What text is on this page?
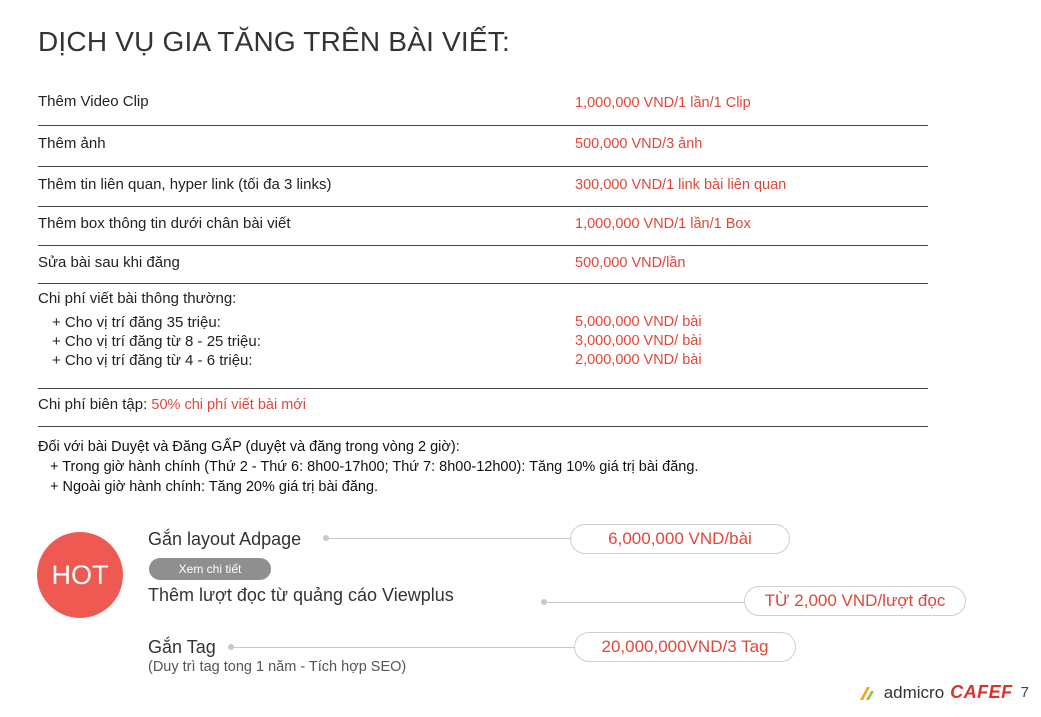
DỊCH VỤ GIA TĂNG TRÊN BÀI VIẾT:
Thêm Video Clip	1,000,000 VND/1 lần/1 Clip
Thêm ảnh	500,000 VND/3 ảnh
Thêm tin liên quan, hyper link (tối đa 3 links)	300,000 VND/1 link bài liên quan
Thêm box thông tin dưới chân bài viết	1,000,000 VND/1 lần/1 Box
Sửa bài sau khi đăng	500,000 VND/lần
Chi phí viết bài thông thường:
+ Cho vị trí đăng 35 triệu:	5,000,000 VND/ bài
+ Cho vị trí đăng từ 8 - 25 triệu:	3,000,000 VND/ bài
+ Cho vị trí đăng từ 4 - 6 triệu:	2,000,000 VND/ bài
Chi phí biên tập: 50% chi phí viết bài mới
Đối với bài Duyệt và Đăng GẤP (duyệt và đăng trong vòng 2 giờ):
+ Trong giờ hành chính (Thứ 2 - Thứ 6: 8h00-17h00; Thứ 7: 8h00-12h00): Tăng 10% giá trị bài đăng.
+ Ngoài giờ hành chính: Tăng 20% giá trị bài đăng.
HOT
Gắn layout Adpage	6,000,000 VND/bài
Xem chi tiết
Thêm lượt đọc từ quảng cáo Viewplus	TỪ 2,000 VND/lượt đọc
Gắn Tag	20,000,000VND/3 Tag
(Duy trì tag tong 1 năm - Tích hợp SEO)
admicro CAFEF 7
